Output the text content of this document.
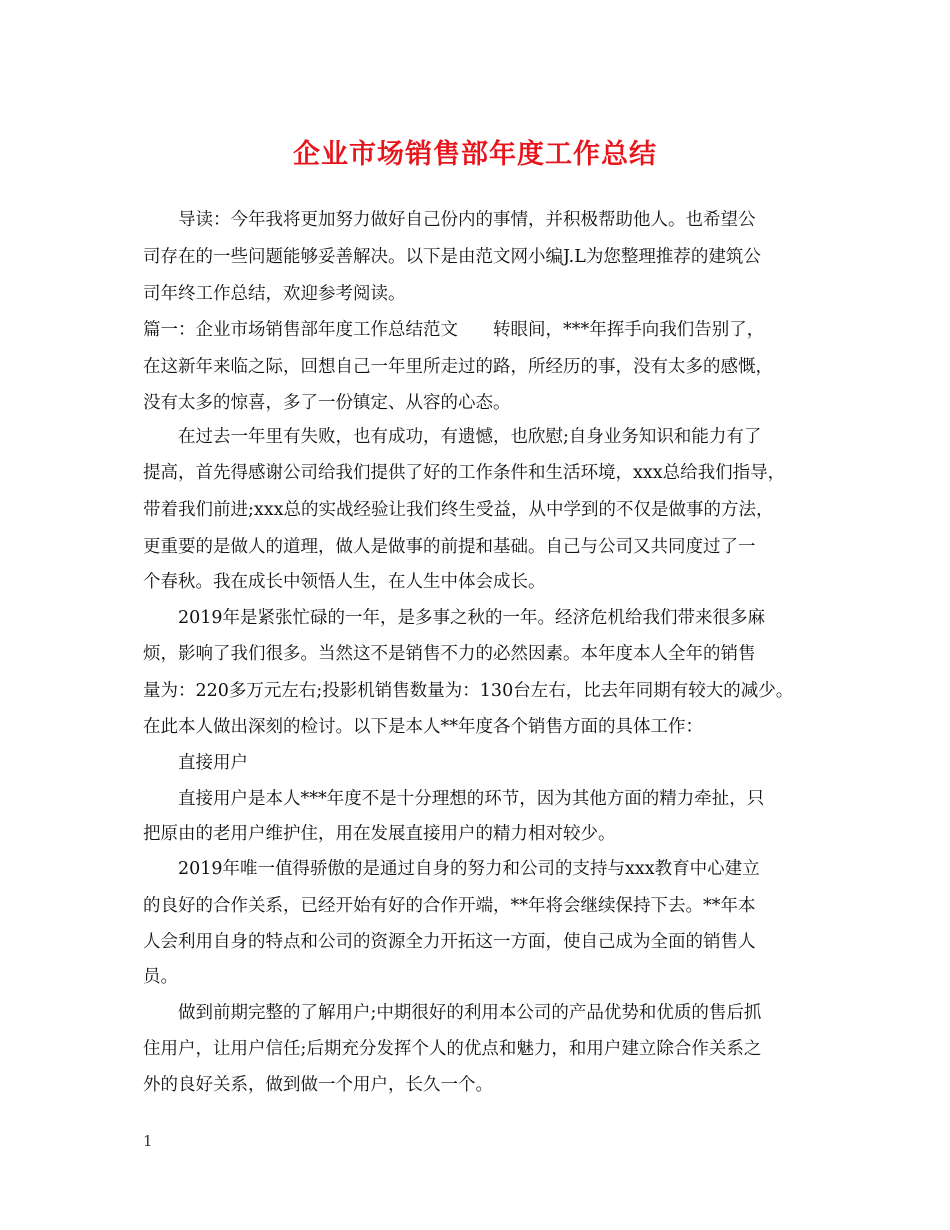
企业市场销售部年度工作总结
导读：今年我将更加努力做好自己份内的事情，并积极帮助他人。也希望公
司存在的一些问题能够妥善解决。以下是由范文网小编J.L为您整理推荐的建筑公
司年终工作总结，欢迎参考阅读。
篇一：企业市场销售部年度工作总结范文　　转眼间，***年挥手向我们告别了，
在这新年来临之际，回想自己一年里所走过的路，所经历的事，没有太多的感慨，
没有太多的惊喜，多了一份镇定、从容的心态。
在过去一年里有失败，也有成功，有遗憾，也欣慰;自身业务知识和能力有了
提高，首先得感谢公司给我们提供了好的工作条件和生活环境，xxx总给我们指导，
带着我们前进;xxx总的实战经验让我们终生受益，从中学到的不仅是做事的方法，
更重要的是做人的道理，做人是做事的前提和基础。自己与公司又共同度过了一
个春秋。我在成长中领悟人生，在人生中体会成长。
2019年是紧张忙碌的一年，是多事之秋的一年。经济危机给我们带来很多麻
烦，影响了我们很多。当然这不是销售不力的必然因素。本年度本人全年的销售
量为：220多万元左右;投影机销售数量为：130台左右，比去年同期有较大的减少。
在此本人做出深刻的检讨。以下是本人**年度各个销售方面的具体工作：
直接用户
直接用户是本人***年度不是十分理想的环节，因为其他方面的精力牵扯，只
把原由的老用户维护住，用在发展直接用户的精力相对较少。
2019年唯一值得骄傲的是通过自身的努力和公司的支持与xxx教育中心建立
的良好的合作关系，已经开始有好的合作开端，**年将会继续保持下去。**年本
人会利用自身的特点和公司的资源全力开拓这一方面，使自己成为全面的销售人
员。
做到前期完整的了解用户;中期很好的利用本公司的产品优势和优质的售后抓
住用户，让用户信任;后期充分发挥个人的优点和魅力，和用户建立除合作关系之
外的良好关系，做到做一个用户，长久一个。
1
